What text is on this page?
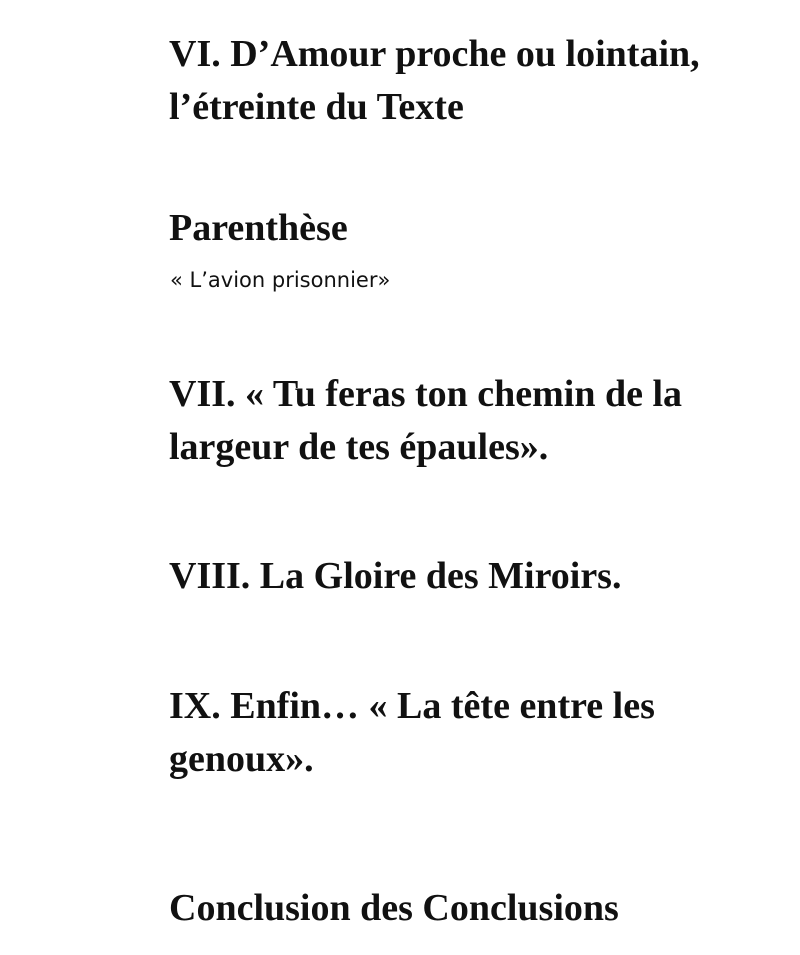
VI. D’Amour proche ou lointain,
l’étreinte du Texte
Parenthèse

« L’avion prisonnier»

VII. « Tu feras ton chemin de la
largeur de tes épaules».
VIII. La Gloire des Miroirs.
IX. Enfin… « La tête entre les
genoux».
Conclusion des Conclusions
